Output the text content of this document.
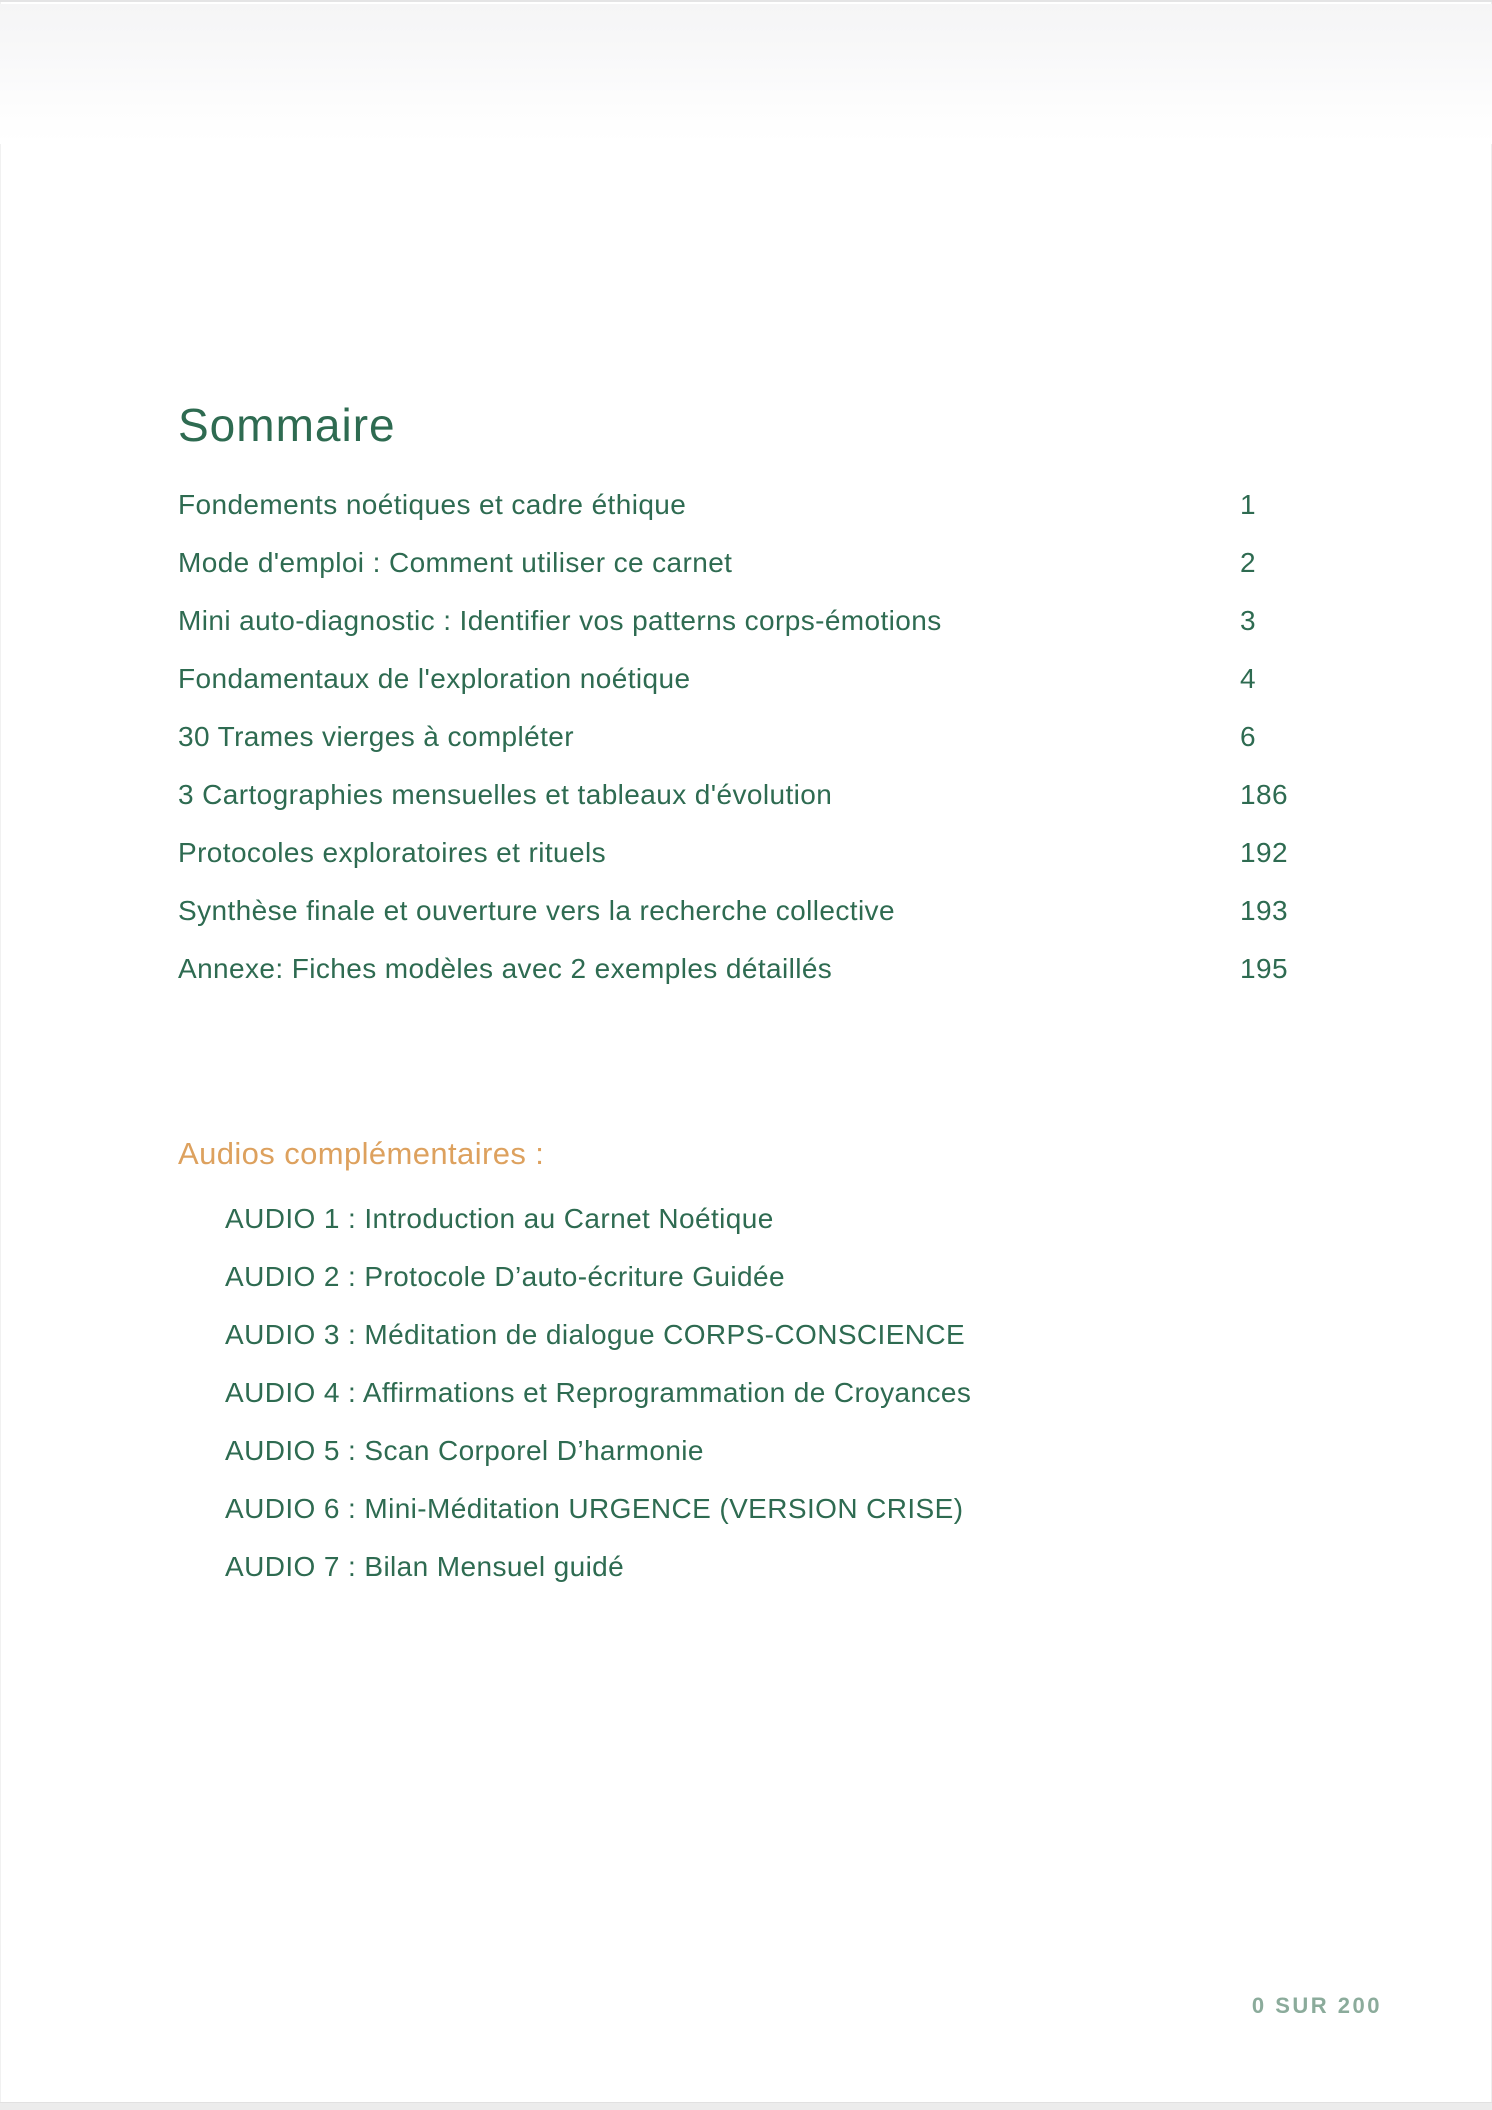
Sommaire
Fondements noétiques et cadre éthique	1
Mode d'emploi : Comment utiliser ce carnet	2
Mini auto-diagnostic : Identifier vos patterns corps-émotions	3
Fondamentaux de l'exploration noétique	4
30 Trames vierges à compléter	6
3 Cartographies mensuelles et tableaux d'évolution	186
Protocoles exploratoires et rituels	192
Synthèse finale et ouverture vers la recherche collective	193
Annexe: Fiches modèles avec 2 exemples détaillés	195
Audios complémentaires :
AUDIO 1 : Introduction au Carnet Noétique
AUDIO 2 : Protocole D’auto-écriture Guidée
AUDIO 3 : Méditation de dialogue CORPS-CONSCIENCE
AUDIO 4 : Affirmations et Reprogrammation de Croyances
AUDIO 5 : Scan Corporel D’harmonie
AUDIO 6 : Mini-Méditation URGENCE (VERSION CRISE)
AUDIO 7 : Bilan Mensuel guidé
0 SUR 200
